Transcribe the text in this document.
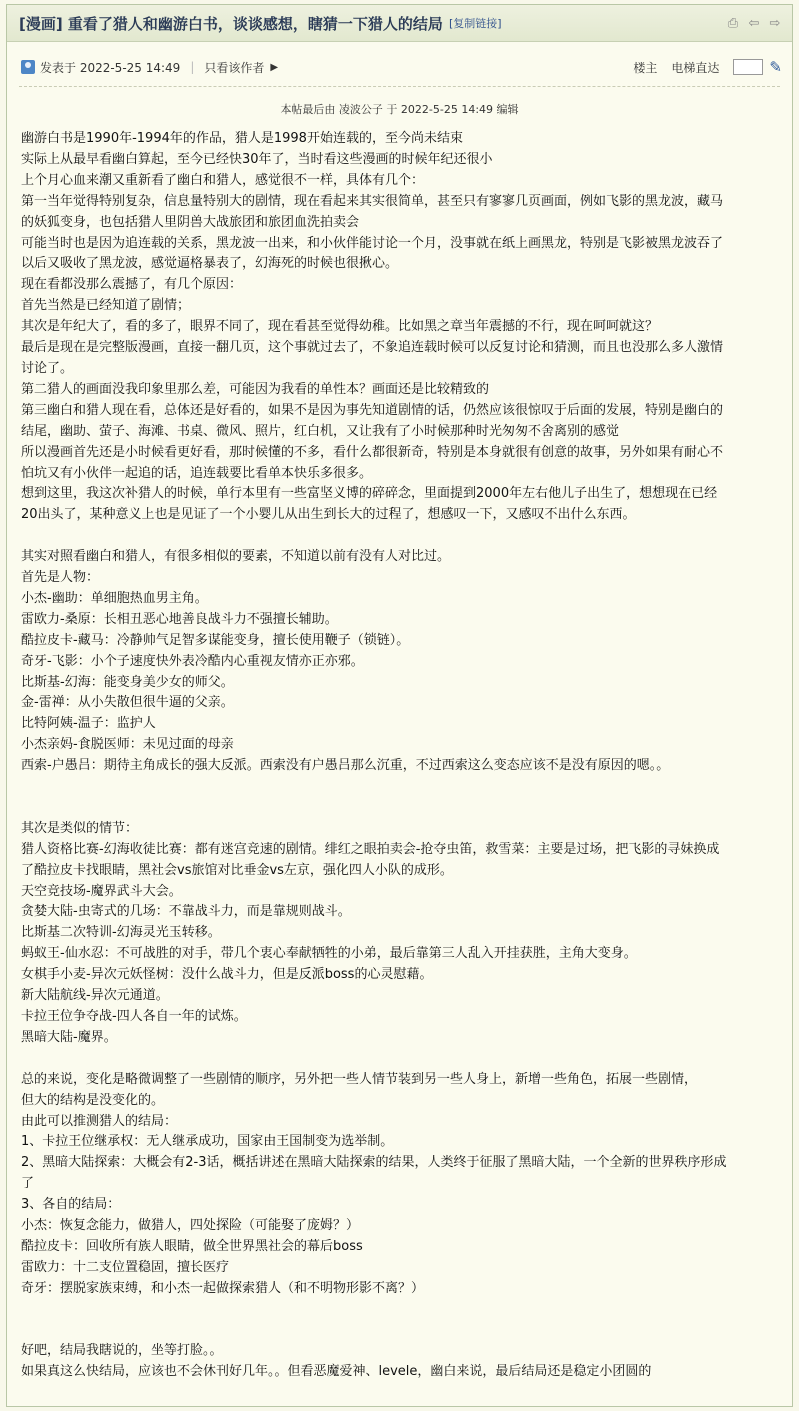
[漫画] 重看了猎人和幽游白书，谈谈感想，瞎猜一下猎人的结局 [复制链接]	⎙ ⇦ ⇨
发表于 2022-5-25 14:49 | 只看该作者 ▶	楼主 电梯直达	✎
本帖最后由 凌波公子 于 2022-5-25 14:49 编辑

幽游白书是1990年-1994年的作品，猎人是1998开始连载的，至今尚未结束

实际上从最早看幽白算起，至今已经快30年了，当时看这些漫画的时候年纪还很小

上个月心血来潮又重新看了幽白和猎人，感觉很不一样，具体有几个：

第一当年觉得特别复杂，信息量特别大的剧情，现在看起来其实很简单，甚至只有寥寥几页画面，例如飞影的黑龙波，藏马

的妖狐变身，也包括猎人里阴兽大战旅团和旅团血洗拍卖会

可能当时也是因为追连载的关系，黑龙波一出来，和小伙伴能讨论一个月，没事就在纸上画黑龙，特别是飞影被黑龙波吞了

以后又吸收了黑龙波，感觉逼格暴表了，幻海死的时候也很揪心。

现在看都没那么震撼了，有几个原因：

首先当然是已经知道了剧情；

其次是年纪大了，看的多了，眼界不同了，现在看甚至觉得幼稚。比如黑之章当年震撼的不行，现在呵呵就这？

最后是现在是完整版漫画，直接一翻几页，这个事就过去了，不象追连载时候可以反复讨论和猜测，而且也没那么多人激情

讨论了。

第二猎人的画面没我印象里那么差，可能因为我看的单性本？画面还是比较精致的

第三幽白和猎人现在看，总体还是好看的，如果不是因为事先知道剧情的话，仍然应该很惊叹于后面的发展，特别是幽白的

结尾，幽助、萤子、海滩、书桌、微风、照片，红白机，又让我有了小时候那种时光匆匆不舍离别的感觉

所以漫画首先还是小时候看更好看，那时候懂的不多，看什么都很新奇，特别是本身就很有创意的故事，另外如果有耐心不

怕坑又有小伙伴一起追的话，追连载要比看单本快乐多很多。

想到这里，我这次补猎人的时候，单行本里有一些富坚义博的碎碎念，里面提到2000年左右他儿子出生了，想想现在已经

20出头了，某种意义上也是见证了一个小婴儿从出生到长大的过程了，想感叹一下，又感叹不出什么东西。

其实对照看幽白和猎人，有很多相似的要素，不知道以前有没有人对比过。

首先是人物：

小杰-幽助：单细胞热血男主角。

雷欧力-桑原：长相丑恶心地善良战斗力不强擅长辅助。

酷拉皮卡-藏马：冷静帅气足智多谋能变身，擅长使用鞭子（锁链）。

奇牙-飞影：小个子速度快外表冷酷内心重视友情亦正亦邪。

比斯基-幻海：能变身美少女的师父。

金-雷禅：从小失散但很牛逼的父亲。

比特阿姨-温子：监护人

小杰亲妈-食脱医师：未见过面的母亲

西索-户愚吕：期待主角成长的强大反派。西索没有户愚吕那么沉重，不过西索这么变态应该不是没有原因的嗯。。

其次是类似的情节：

猎人资格比赛-幻海收徒比赛：都有迷宫竞速的剧情。绯红之眼拍卖会-抢夺虫笛，救雪菜：主要是过场，把飞影的寻妹换成

了酷拉皮卡找眼睛，黑社会vs旅馆对比垂金vs左京，强化四人小队的成形。

天空竞技场-魔界武斗大会。

贪婪大陆-虫寄式的几场：不靠战斗力，而是靠规则战斗。

比斯基二次特训-幻海灵光玉转移。

蚂蚁王-仙水忍：不可战胜的对手，带几个衷心奉献牺牲的小弟，最后靠第三人乱入开挂获胜，主角大变身。

女棋手小麦-异次元妖怪树：没什么战斗力，但是反派boss的心灵慰藉。

新大陆航线-异次元通道。

卡拉王位争夺战-四人各自一年的试炼。

黑暗大陆-魔界。

总的来说，变化是略微调整了一些剧情的顺序，另外把一些人情节装到另一些人身上，新增一些角色，拓展一些剧情，

但大的结构是没变化的。

由此可以推测猎人的结局：

1、卡拉王位继承权：无人继承成功，国家由王国制变为选举制。

2、黑暗大陆探索：大概会有2-3话，概括讲述在黑暗大陆探索的结果，人类终于征服了黑暗大陆，一个全新的世界秩序形成

了

3、各自的结局：

小杰：恢复念能力，做猎人，四处探险（可能娶了庞姆？）

酷拉皮卡：回收所有族人眼睛，做全世界黑社会的幕后boss

雷欧力：十二支位置稳固，擅长医疗

奇牙：摆脱家族束缚，和小杰一起做探索猎人（和不明物形影不离？）

好吧，结局我瞎说的，坐等打脸。。

如果真这么快结局，应该也不会休刊好几年。。但看恶魔爱神、levele，幽白来说，最后结局还是稳定小团圆的
